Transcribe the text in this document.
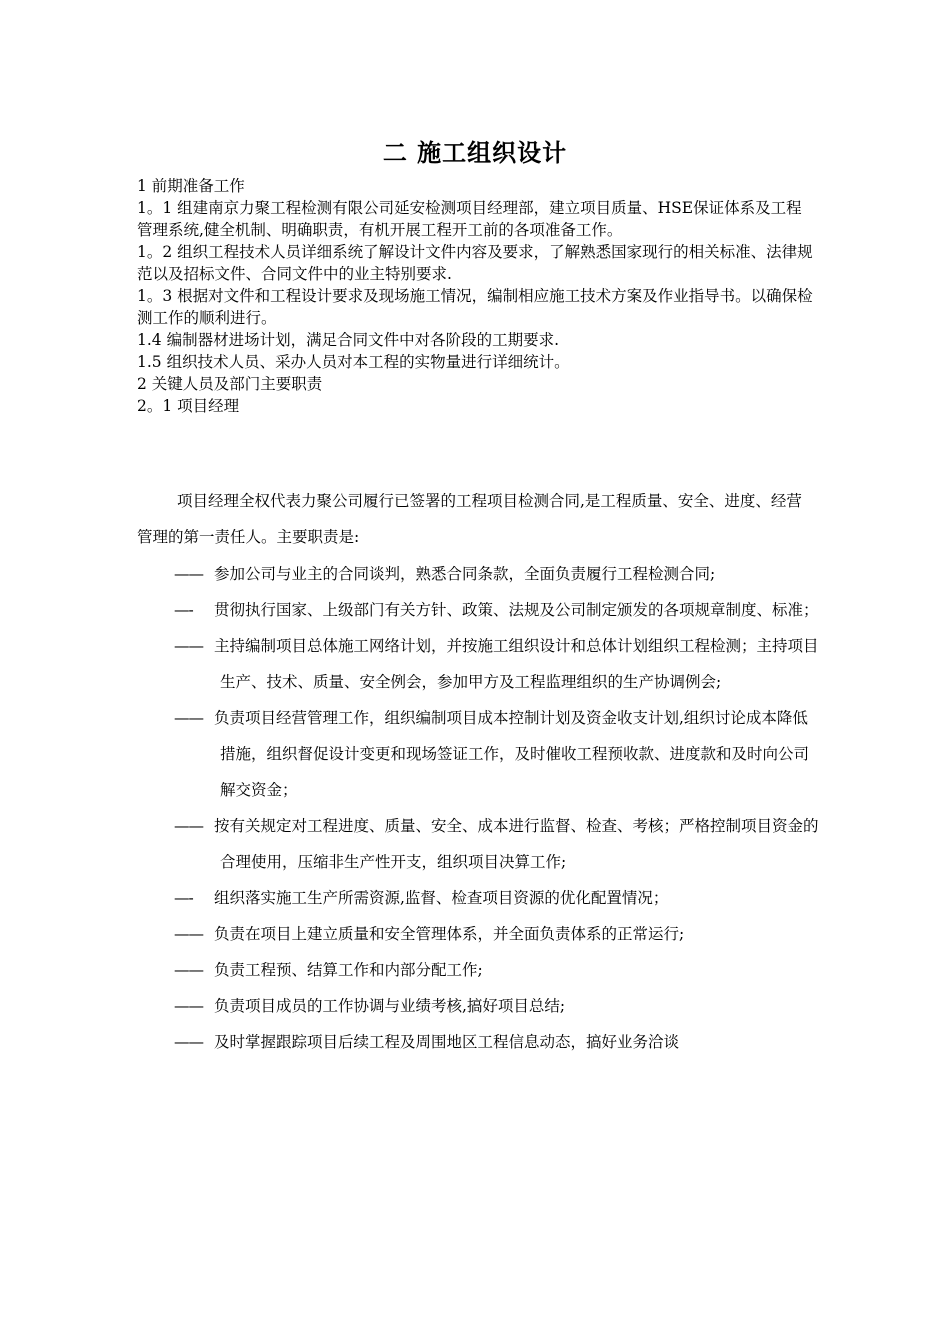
二 施工组织设计

1 前期准备工作

1。1 组建南京力聚工程检测有限公司延安检测项目经理部，建立项目质量、HSE保证体系及工程管理系统,健全机制、明确职责，有机开展工程开工前的各项准备工作。

1。2 组织工程技术人员详细系统了解设计文件内容及要求，了解熟悉国家现行的相关标准、法律规范以及招标文件、合同文件中的业主特别要求.

1。3 根据对文件和工程设计要求及现场施工情况，编制相应施工技术方案及作业指导书。以确保检测工作的顺利进行。

1.4 编制器材进场计划，满足合同文件中对各阶段的工期要求.

1.5 组织技术人员、采办人员对本工程的实物量进行详细统计。

2 关键人员及部门主要职责

2。1 项目经理

项目经理全权代表力聚公司履行已签署的工程项目检测合同,是工程质量、安全、进度、经营管理的第一责任人。主要职责是:

—— 参加公司与业主的合同谈判，熟悉合同条款，全面负责履行工程检测合同;
—- 贯彻执行国家、上级部门有关方针、政策、法规及公司制定颁发的各项规章制度、标准；
—— 主持编制项目总体施工网络计划，并按施工组织设计和总体计划组织工程检测；主持项目生产、技术、质量、安全例会，参加甲方及工程监理组织的生产协调例会;
—— 负责项目经营管理工作，组织编制项目成本控制计划及资金收支计划,组织讨论成本降低措施，组织督促设计变更和现场签证工作，及时催收工程预收款、进度款和及时向公司解交资金；
—— 按有关规定对工程进度、质量、安全、成本进行监督、检查、考核；严格控制项目资金的合理使用，压缩非生产性开支，组织项目决算工作;
—- 组织落实施工生产所需资源,监督、检查项目资源的优化配置情况；
—— 负责在项目上建立质量和安全管理体系，并全面负责体系的正常运行;
—— 负责工程预、结算工作和内部分配工作;
—— 负责项目成员的工作协调与业绩考核,搞好项目总结;
—— 及时掌握跟踪项目后续工程及周围地区工程信息动态，搞好业务洽谈
